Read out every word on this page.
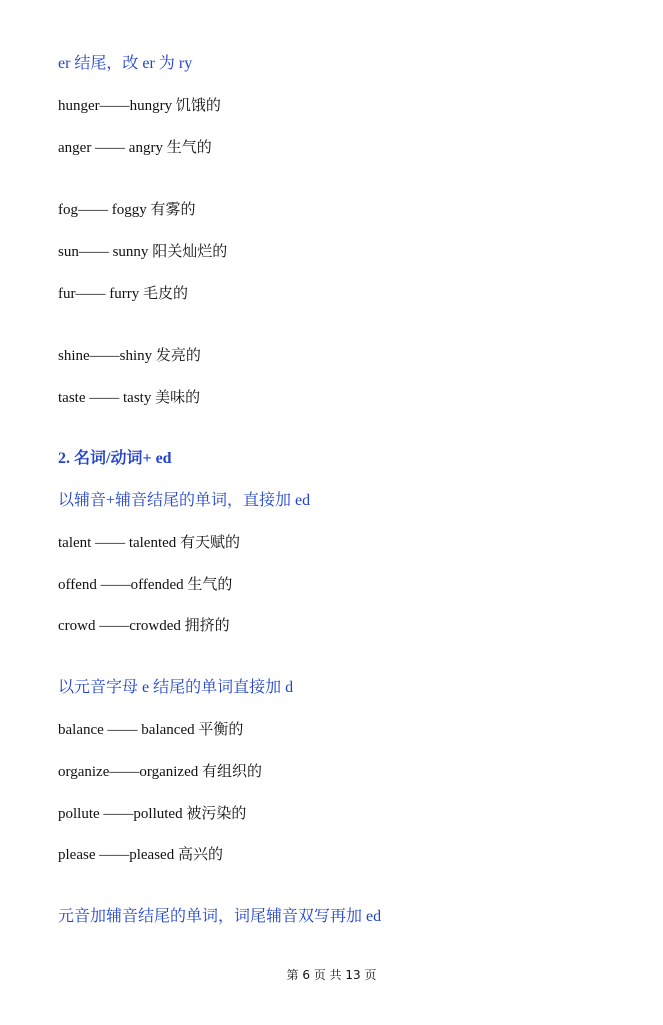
er 结尾，改 er 为 ry
hunger——hungry 饥饿的
anger —— angry 生气的
fog—— foggy 有雾的
sun—— sunny 阳关灿烂的
fur—— furry 毛皮的
shine——shiny 发亮的
taste —— tasty 美味的
2. 名词/动词+ ed
以辅音+辅音结尾的单词，直接加 ed
talent —— talented 有天赋的
offend ——offended 生气的
crowd ——crowded 拥挤的
以元音字母 e 结尾的单词直接加 d
balance —— balanced 平衡的
organize——organized 有组织的
pollute ——polluted 被污染的
please ——pleased 高兴的
元音加辅音结尾的单词，词尾辅音双写再加 ed
第 6 页 共 13 页
